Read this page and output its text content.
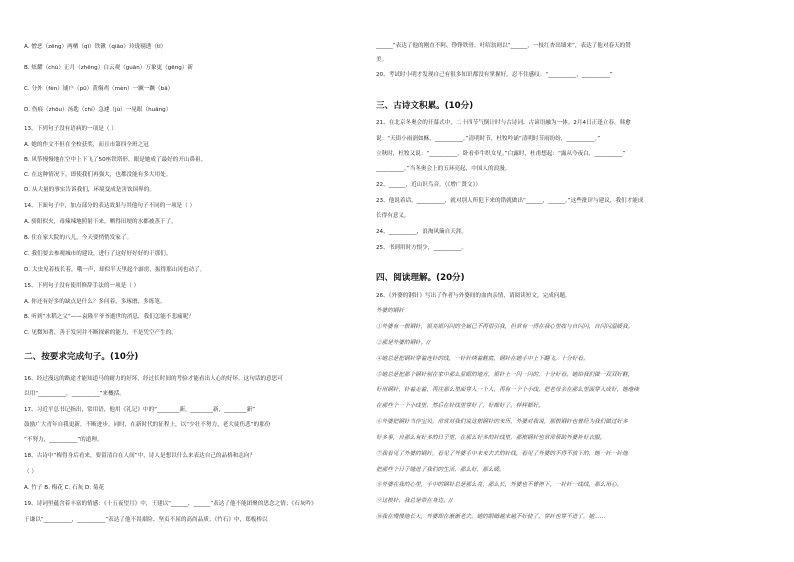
A. 憎恶（zēng）两栖（qī）铁锹（qiāo）玲珑剔透（tī）
B. 炫耀（chù）正月（zhēng）白云观（guān）万象更（gēng）新
C. 分外（fèn）铺户（pū）黄焖鸡（mèn）一蹶一蹶（bā）
D. 伤痕（zhōu）汤匙（chí）急遽（jù）一晃眼（huǎng）
13、下列句子没有语病的一项是（ ）
A. 她的作文不但在全校获奖，而且市第四全班之冠
B. 风筝慢慢地在空中上下飞了50座铁塔形，眼是她成了最好的开山鼻祖。
C. 在这种情况下，即使我们再强大，也都没能有多大用处。
D. 从大量的事实告诉我们，环境变成是害饮国界的。
14、下面句子中，加点部分的表达效果与其他句子不同的一项是（ ）
A. 骄阳似火，毒辣辣地照射下来，晒得田埂的水都被蒸干了。
B. 住在家大院的八儿，今天要悄悄发家了。
C. 我们要去参观城市的建设，进行了这好好好好的干那们。
D. 大虫见着枝长着，哦一声，却似半天里起个霹雳，振得那山冈也动了。
15、下列句子没有使用修辞手法的一项是（ ）
A. 你还有好多的缺点是什么？多问着，多琢磨，多练笔。
B. 听到“水稻之父”——袁隆平爷爷逝世的消息，我们怎能不悲痛呢？
C. 见微知著，善于发问并不断探索的能力，不是凭空产生的。
二、按要求完成句子。(10分)
16、经过漫远的路途才能知道马的耐力的好坏，经过长时间的考验才能看出人心的好坏。这句话的意思可
以用“__________，__________”来概括。
17、习近平总书记指出，常用语，他用《礼记》中的“________新，________新，________新”
鼓励广大青年自我更新，不断进步。同时，在新时代的征程上，以“少壮不努力，老大徒伤悲”的那份
“不努力，__________”的道理。
18、古诗中“梅得身后看来，要留清白在人间”中，诗人是想以什么来表达自己的品格和志向？
（ ）
A. 竹子 B. 梅花 C. 石灰 D. 菊花
19、诗词里蕴含着丰富的情感：《十五夜望月》中，王建以“______，______”表达了他不能团聚的思念之情；《石灰吟》
于谦以“__________，__________”表达了他不畏艰险、坚贞不屈的高尚品质；《竹石》中，郑板桥以
______”表达了他的刚直不阿、铮铮铁骨。叶绍翁则以“______，一枝红杏出墙来”，表达了他对春天的赞
美。
20、考试时小明才发现自己有很多知识都没有掌握好，忍不住感叹：“__________，__________”
三、古诗文积累。(10分)
21、在北京冬奥会的开幕式中，二十四节气倒计时与古诗词、古谚语融为一体。2月4日正逢立春，韩愈
说：“天街小雨润如酥，__________。”清明时节，杜牧吟诵“清明时节雨纷纷，__________。”
立秋时，杜牧又说：“__________，卧看牵牛织女星。”白露时，杜甫想起：“露从今夜白，__________”
__________。”当冬奥会上的五环亮起，中国人的浪漫。
22、______，近山识鸟音。（《增广贤文》）
23、他说着话，__________，就对别人所犯下来的错就做出“______，______。”这些批评与建议，我们才能成
长得有意义。
24、__________，浪淘风簸自天涯。
25、书到用时方恨少，__________。
四、阅读理解。(20分)
26、《外婆的钢针》写出了作者与外婆间的血肉亲情，请阅读短文，完成问题。
外婆的钢针
①外婆有一根钢针，银亮银闪闪的全属已不再很引我，但常有一得在我心里收与自闪闪，自闪闪温暖我。
②那是外婆的钢针。//
④她总是把钢针穿着连针的线，一针针绣着鞋底，钢针在她手中上下翻飞，十分好看。
⑤她总是把那个钢针别在家中那么显眼的地方，银针上一闪一闪的，十分好看。她给我们做一双双好鞋，
好用钢针，针着走着，再往那么里面穿入一个人，再有一个个小线，把老母亲在那么里面穿入成好，她继续
在那些个一个小线里，然后在针线里穿好了，好都好了，样样都好。
⑥外婆把钢针当作宝贝，常常对我们说这根钢针的来历，外婆对我说，那根钢针也曾经为我们做过好多
好多事，自那么有好多的日子里，在那么好多的针线里，那根钢针也常常帮助外婆补好衣服。
⑦我看见了外婆的钢针，看见了外婆手中来来去去的针线，看见了外婆的不得不放下的，她一针一针地
把那些个日子缝进了我们的生活，那么好，那么暖。
⑧外婆在我的心里，手中的钢针总是那么亮，那么长，外婆也不曾停下，一针针一线线，那么用心。
⑨这根针，我总是带在身边。//
⑩我在慢慢地长大，外婆却在渐渐老去。她的眼睛越来越不好使了，穿针也穿不进了，她……
